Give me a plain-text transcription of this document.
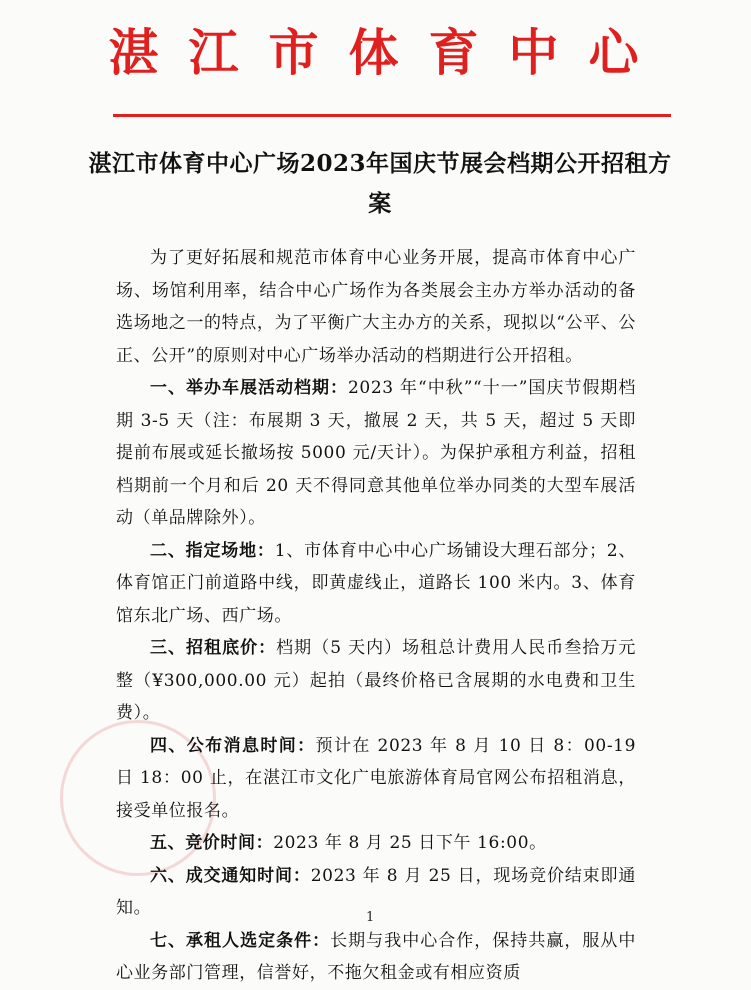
湛江市体育中心
湛江市体育中心广场2023年国庆节展会档期公开招租方案

为了更好拓展和规范市体育中心业务开展，提高市体育中心广场、场馆利用率，结合中心广场作为各类展会主办方举办活动的备选场地之一的特点，为了平衡广大主办方的关系，现拟以“公平、公正、公开”的原则对中心广场举办活动的档期进行公开招租。

一、举办车展活动档期：2023 年“中秋”“十一”国庆节假期档期 3-5 天（注：布展期 3 天，撤展 2 天，共 5 天，超过 5 天即提前布展或延长撤场按 5000 元/天计）。为保护承租方利益，招租档期前一个月和后 20 天不得同意其他单位举办同类的大型车展活动（单品牌除外）。

二、指定场地：1、市体育中心中心广场铺设大理石部分；2、体育馆正门前道路中线，即黄虚线止，道路长 100 米内。3、体育馆东北广场、西广场。

三、招租底价：档期（5 天内）场租总计费用人民币叁拾万元整（¥300,000.00 元）起拍（最终价格已含展期的水电费和卫生费）。

四、公布消息时间：预计在 2023 年 8 月 10 日 8：00-19 日 18：00 止，在湛江市文化广电旅游体育局官网公布招租消息，接受单位报名。

五、竞价时间：2023 年 8 月 25 日下午 16:00。

六、成交通知时间：2023 年 8 月 25 日，现场竞价结束即通知。

七、承租人选定条件：长期与我中心合作，保持共赢，服从中心业务部门管理，信誉好，不拖欠租金或有相应资质

1
